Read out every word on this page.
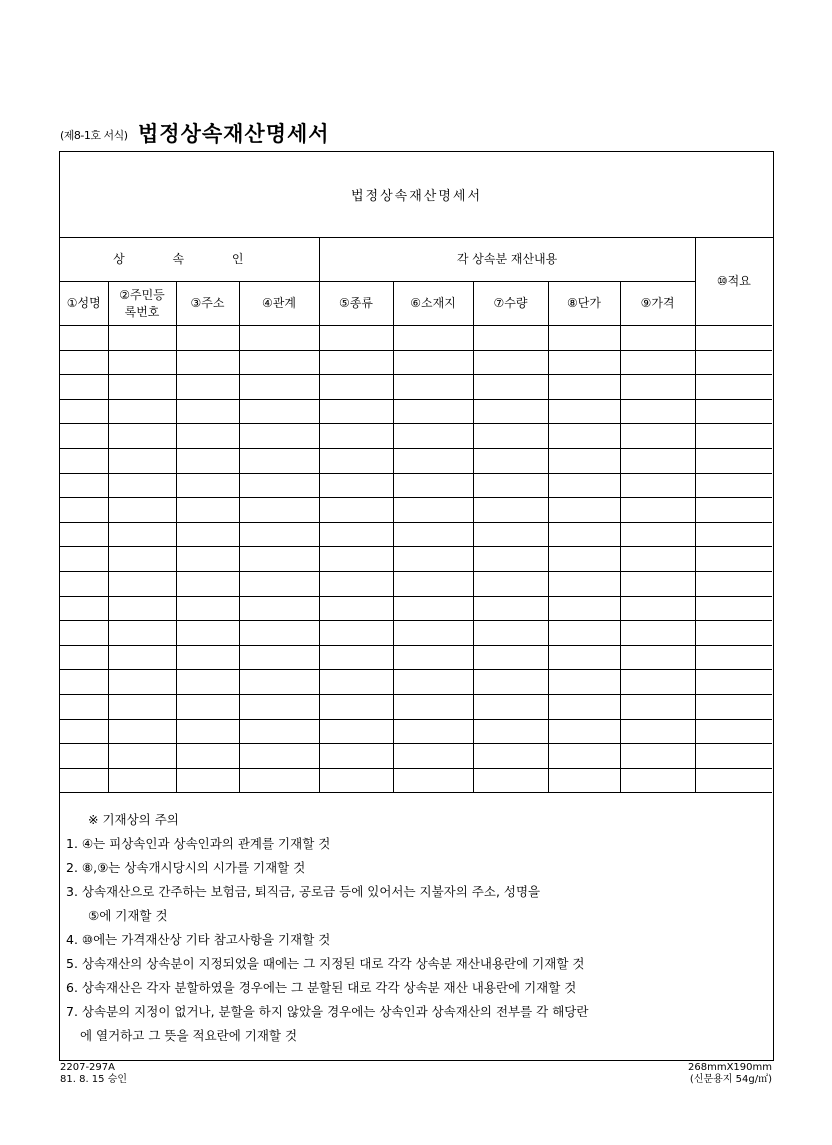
(제8-1호 서식) 법정상속재산명세서
법정상속재산명세서
상 속 인				각 상속분 재산내용					⑩적요
①성명	②주민등
록번호	③주소	④관계	⑤종류	⑥소재지	⑦수량	⑧단가	⑨가격	

※ 기재상의 주의
1. ④는 피상속인과 상속인과의 관계를 기재할 것
2. ⑧,⑨는 상속개시당시의 시가를 기재할 것
3. 상속재산으로 간주하는 보험금, 퇴직금, 공로금 등에 있어서는 지불자의 주소, 성명을
⑤에 기재할 것
4. ⑩에는 가격재산상 기타 참고사항을 기재할 것
5. 상속재산의 상속분이 지정되었을 때에는 그 지정된 대로 각각 상속분 재산내용란에 기재할 것
6. 상속재산은 각자 분할하였을 경우에는 그 분할된 대로 각각 상속분 재산 내용란에 기재할 것
7. 상속분의 지정이 없거나, 분할을 하지 않았을 경우에는 상속인과 상속재산의 전부를 각 해당란
에 열거하고 그 뜻을 적요란에 기재할 것
2207-297A
81. 8. 15 승인
268mmX190mm
(신문용지 54g/㎡)
